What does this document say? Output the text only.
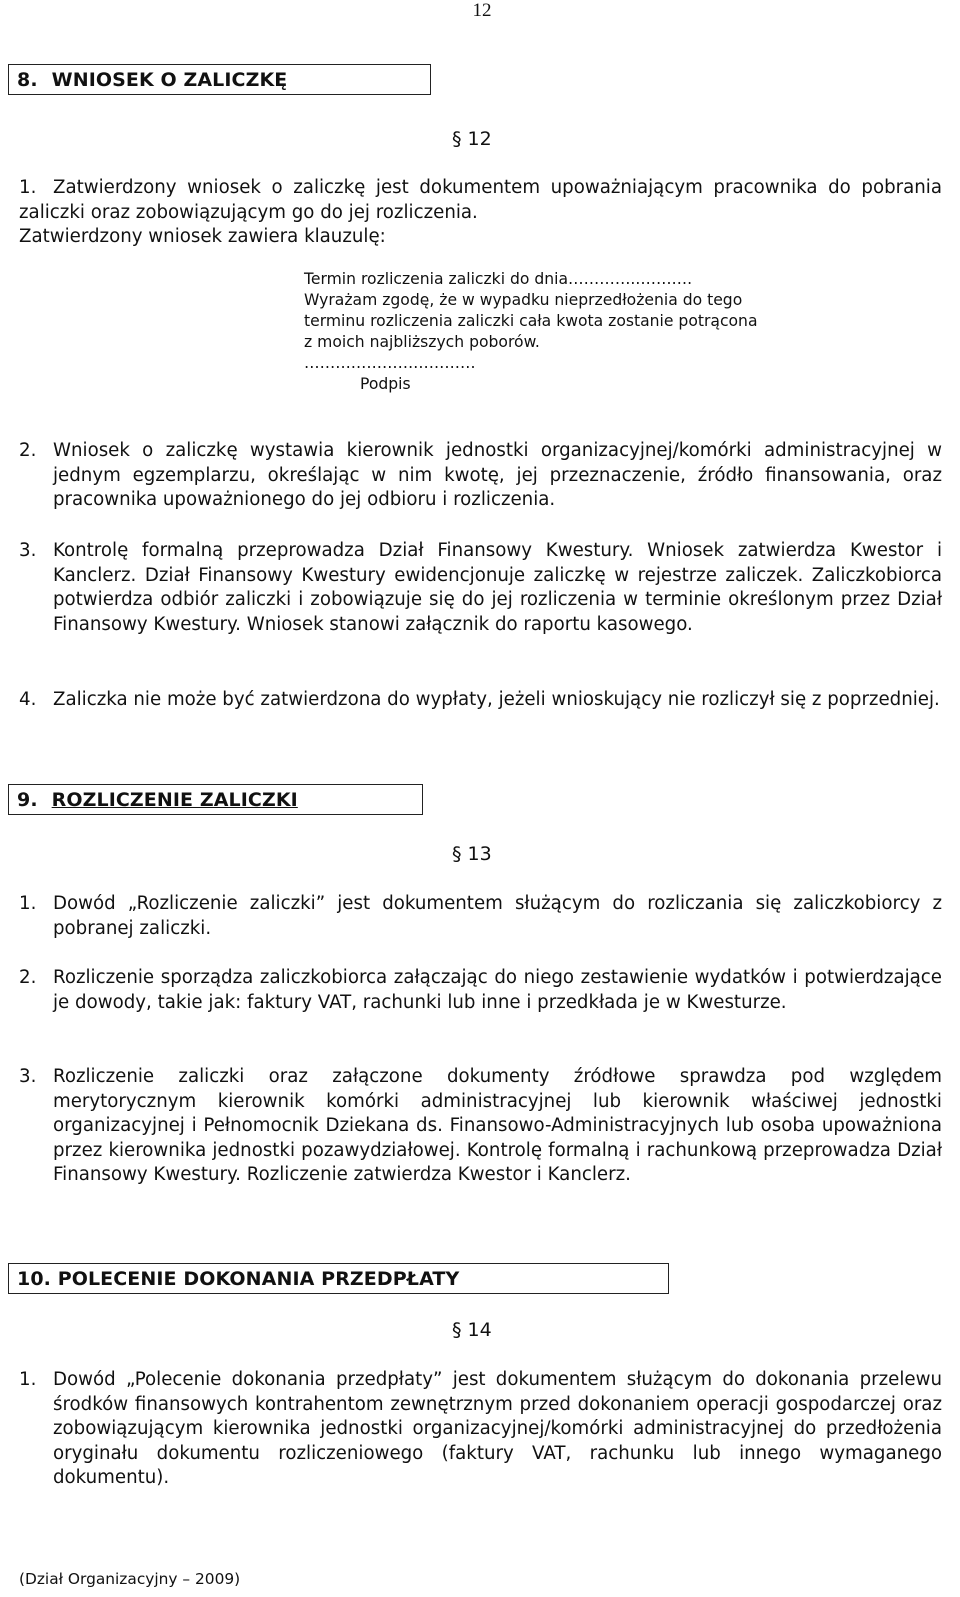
12
8. WNIOSEK O ZALICZKĘ
§ 12
1. Zatwierdzony wniosek o zaliczkę jest dokumentem upoważniającym pracownika do pobrania zaliczki oraz zobowiązującym go do jej rozliczenia.
Zatwierdzony wniosek zawiera klauzulę:
Termin rozliczenia zaliczki do dnia…………..……….
Wyrażam zgodę, że w wypadku nieprzedłożenia do tego
terminu rozliczenia zaliczki cała kwota zostanie potrącona
z moich najbliższych poborów.
……………………………
Podpis
2. Wniosek o zaliczkę wystawia kierownik jednostki organizacyjnej/komórki administracyjnej w jednym egzemplarzu, określając w nim kwotę, jej przeznaczenie, źródło finansowania, oraz pracownika upoważnionego do jej odbioru i rozliczenia.
3. Kontrolę formalną przeprowadza Dział Finansowy Kwestury. Wniosek zatwierdza Kwestor i Kanclerz. Dział Finansowy Kwestury ewidencjonuje zaliczkę w rejestrze zaliczek. Zaliczkobiorca potwierdza odbiór zaliczki i zobowiązuje się do jej rozliczenia w terminie określonym przez Dział Finansowy Kwestury. Wniosek stanowi załącznik do raportu kasowego.
4. Zaliczka nie może być zatwierdzona do wypłaty, jeżeli wnioskujący nie rozliczył się z poprzedniej.
9. ROZLICZENIE ZALICZKI
§ 13
1. Dowód „Rozliczenie zaliczki” jest dokumentem służącym do rozliczania się zaliczkobiorcy z pobranej zaliczki.
2. Rozliczenie sporządza zaliczkobiorca załączając do niego zestawienie wydatków i potwierdzające je dowody, takie jak: faktury VAT, rachunki lub inne i przedkłada je w Kwesturze.
3. Rozliczenie zaliczki oraz załączone dokumenty źródłowe sprawdza pod względem merytorycznym kierownik komórki administracyjnej lub kierownik właściwej jednostki organizacyjnej i Pełnomocnik Dziekana ds. Finansowo-Administracyjnych lub osoba upoważniona przez kierownika jednostki pozawydziałowej. Kontrolę formalną i rachunkową przeprowadza Dział Finansowy Kwestury. Rozliczenie zatwierdza Kwestor i Kanclerz.
10. POLECENIE DOKONANIA PRZEDPŁATY
§ 14
1. Dowód „Polecenie dokonania przedpłaty” jest dokumentem służącym do dokonania przelewu środków finansowych kontrahentom zewnętrznym przed dokonaniem operacji gospodarczej oraz zobowiązującym kierownika jednostki organizacyjnej/komórki administracyjnej do przedłożenia oryginału dokumentu rozliczeniowego (faktury VAT, rachunku lub innego wymaganego dokumentu).
(Dział Organizacyjny – 2009)
